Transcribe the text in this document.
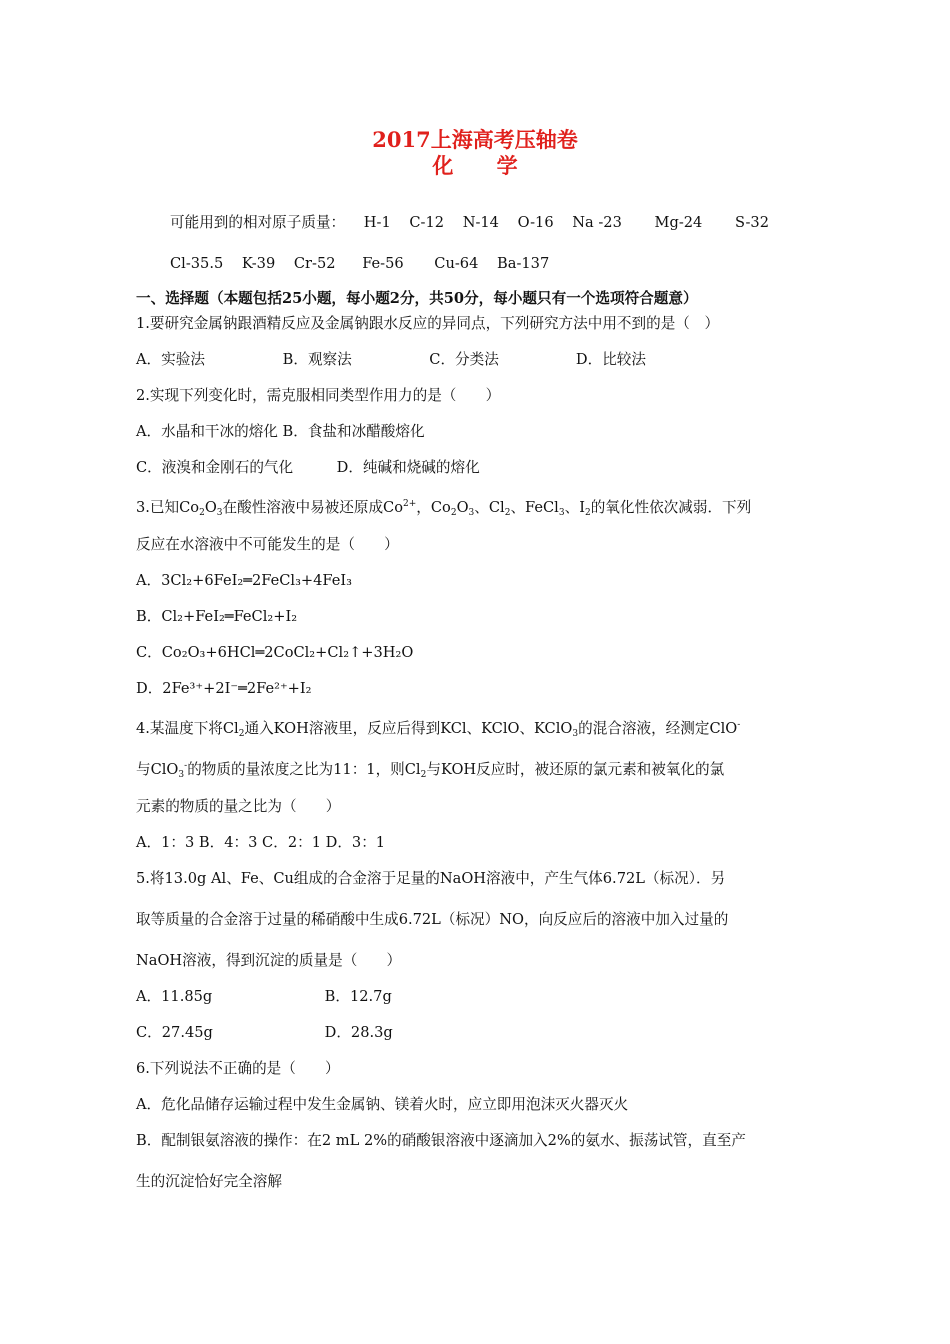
2017上海高考压轴卷
化 学
可能用到的相对原子质量： H-1 C-12 N-14 O-16 Na -23 Mg-24 S-32
Cl-35.5 K-39 Cr-52 Fe-56 Cu-64 Ba-137
一、选择题（本题包括25小题，每小题2分，共50分，每小题只有一个选项符合题意）
1.要研究金属钠跟酒精反应及金属钠跟水反应的异同点，下列研究方法中用不到的是（　）
A．实验法	B．观察法	C．分类法	D．比较法
2.实现下列变化时，需克服相同类型作用力的是（　　）
A．水晶和干冰的熔化 B．食盐和冰醋酸熔化
C．液溴和金刚石的气化	D．纯碱和烧碱的熔化
3.已知$Co_2O_3$在酸性溶液中易被还原成$Co^{2+}$，$Co_2O_3$、$Cl_2$、FeCl$_3$、$I_2$的氧化性依次减弱．下列
反应在水溶液中不可能发生的是（　　）
A．3Cl₂+6FeI₂═2FeCl₃+4FeI₃
B．Cl₂+FeI₂═FeCl₂+I₂
C．Co₂O₃+6HCl═2CoCl₂+Cl₂↑+3H₂O
D．2Fe³⁺+2I⁻═2Fe²⁺+I₂
4.某温度下将$Cl_2$通入KOH溶液里，反应后得到KCl、KClO、KClO$_3$的混合溶液，经测定ClO-
与ClO$_3$-的物质的量浓度之比为11：1，则$Cl_2$与KOH反应时，被还原的氯元素和被氧化的氯
元素的物质的量之比为（　　）
A．1：3 B．4：3 C．2：1 D．3：1
5.将13.0g Al、Fe、Cu组成的合金溶于足量的NaOH溶液中，产生气体6.72L（标况）．另
取等质量的合金溶于过量的稀硝酸中生成6.72L（标况）NO，向反应后的溶液中加入过量的
NaOH溶液，得到沉淀的质量是（　　）
A．11.85g	B．12.7g
C．27.45g	D．28.3g
6.下列说法不正确的是（　　）
A．危化品储存运输过程中发生金属钠、镁着火时，应立即用泡沫灭火器灭火
B．配制银氨溶液的操作：在2 mL 2%的硝酸银溶液中逐滴加入2%的氨水、振荡试管，直至产
生的沉淀恰好完全溶解
